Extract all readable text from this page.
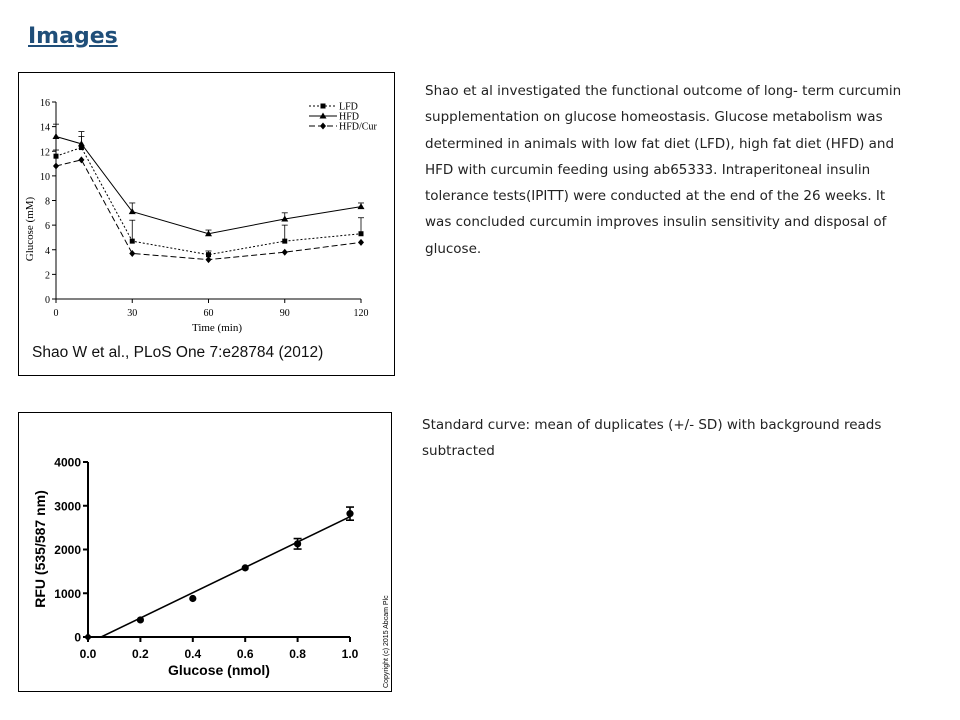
Images
0
2
4
6
8
10
12
14
16
0	30	60	90	120
LFD
HFD
HFD/Cur
Time (min)
Glucose (mM)
Shao W et al., PLoS One 7:e28784 (2012)

Shao et al investigated the functional outcome of long- term curcumin supplementation on glucose homeostasis. Glucose metabolism was determined in animals with low fat diet (LFD), high fat diet (HFD) and HFD with curcumin feeding using ab65333. Intraperitoneal insulin tolerance tests(IPITT) were conducted at the end of the 26 weeks. It was concluded curcumin improves insulin sensitivity and disposal of glucose.

0
1000
2000
3000
4000
0.0	0.2	0.4	0.6	0.8	1.0
Glucose (nmol)
RFU (535/587 nm)
Copyright (c) 2015 Abcam Plc

Standard curve: mean of duplicates (+/- SD) with background reads subtracted
